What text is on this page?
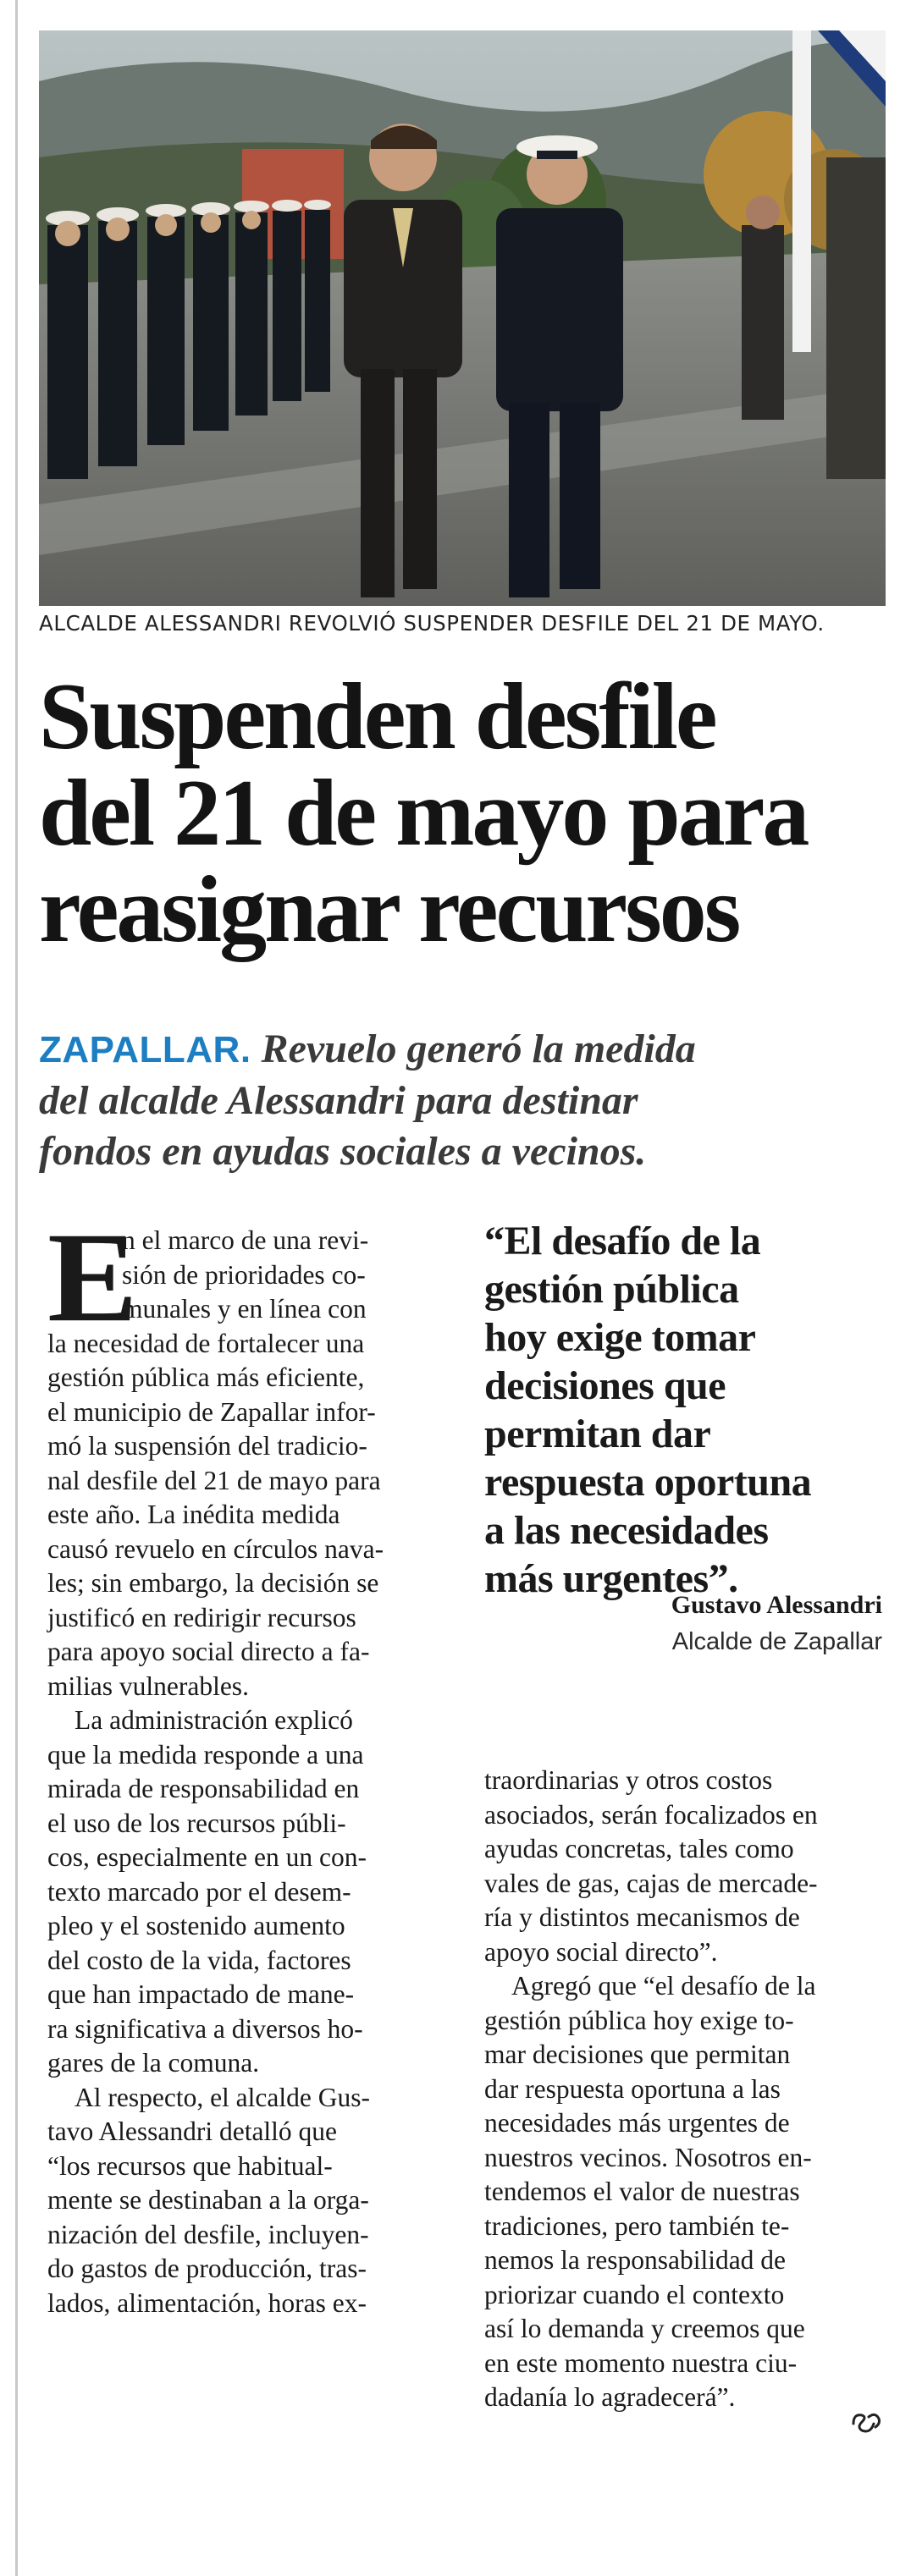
ALCALDE ALESSANDRI REVOLVIÓ SUSPENDER DESFILE DEL 21 DE MAYO.
Suspenden desfile
del 21 de mayo para
reasignar recursos
ZAPALLAR. Revuelo generó la medida
del alcalde Alessandri para destinar
fondos en ayudas sociales a vecinos.
E
n el marco de una revi-
sión de prioridades co-
munales y en línea con
la necesidad de fortalecer una
gestión pública más eficiente,
el municipio de Zapallar infor-
mó la suspensión del tradicio-
nal desfile del 21 de mayo para
este año. La inédita medida
causó revuelo en círculos nava-
les; sin embargo, la decisión se
justificó en redirigir recursos
para apoyo social directo a fa-
milias vulnerables.
La administración explicó
que la medida responde a una
mirada de responsabilidad en
el uso de los recursos públi-
cos, especialmente en un con-
texto marcado por el desem-
pleo y el sostenido aumento
del costo de la vida, factores
que han impactado de mane-
ra significativa a diversos ho-
gares de la comuna.
Al respecto, el alcalde Gus-
tavo Alessandri detalló que
“los recursos que habitual-
mente se destinaban a la orga-
nización del desfile, incluyen-
do gastos de producción, tras-
lados, alimentación, horas ex-
“El desafío de la
gestión pública
hoy exige tomar
decisiones que
permitan dar
respuesta oportuna
a las necesidades
más urgentes”.
Gustavo Alessandri
Alcalde de Zapallar
traordinarias y otros costos
asociados, serán focalizados en
ayudas concretas, tales como
vales de gas, cajas de mercade-
ría y distintos mecanismos de
apoyo social directo”.
Agregó que “el desafío de la
gestión pública hoy exige to-
mar decisiones que permitan
dar respuesta oportuna a las
necesidades más urgentes de
nuestros vecinos. Nosotros en-
tendemos el valor de nuestras
tradiciones, pero también te-
nemos la responsabilidad de
priorizar cuando el contexto
así lo demanda y creemos que
en este momento nuestra ciu-
dadanía lo agradecerá”.
